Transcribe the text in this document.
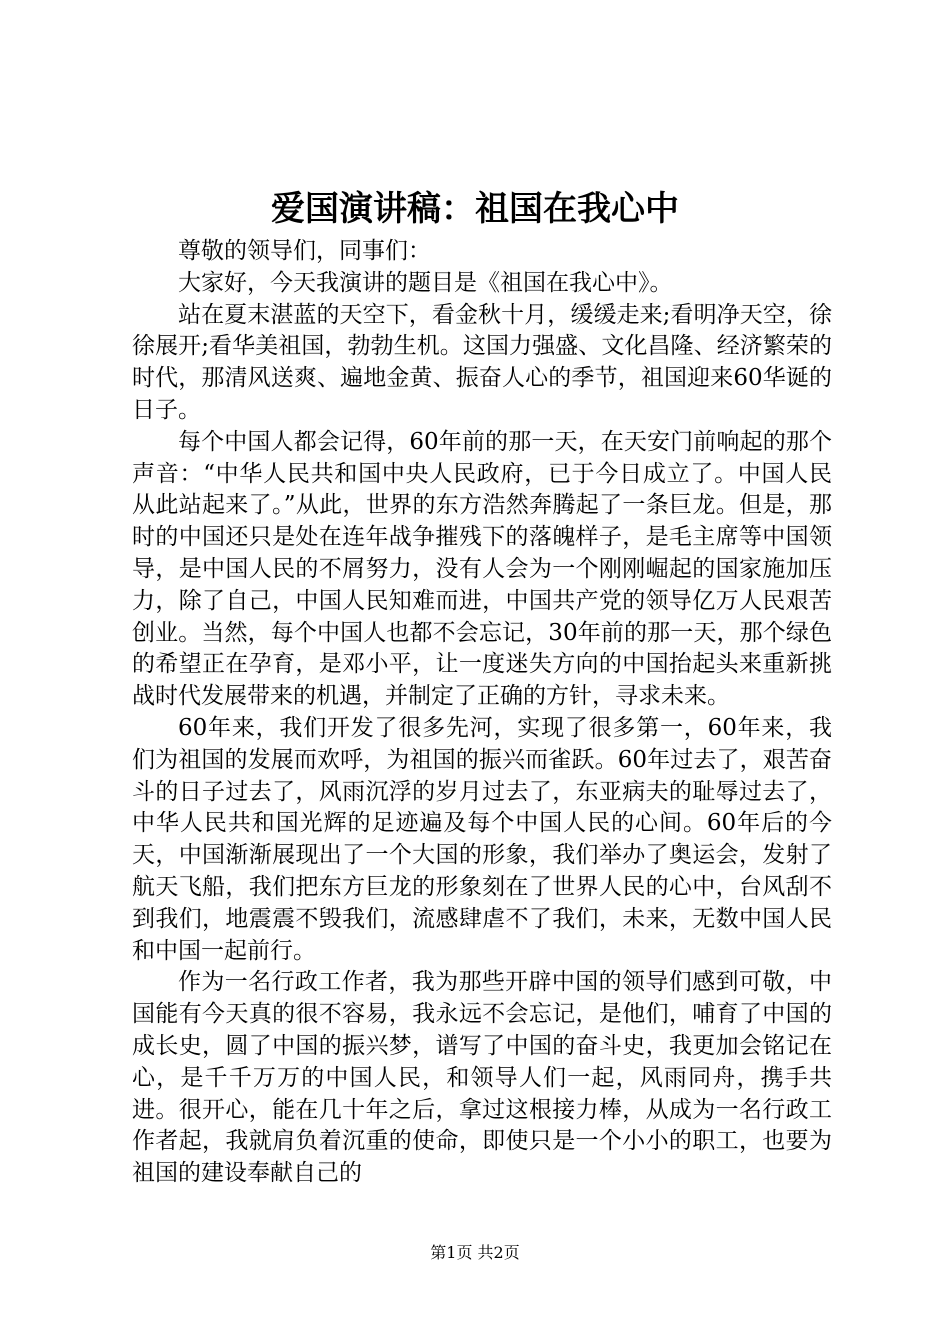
爱国演讲稿：祖国在我心中

尊敬的领导们，同事们：

大家好，今天我演讲的题目是《祖国在我心中》。

站在夏末湛蓝的天空下，看金秋十月，缓缓走来;看明净天空，徐徐展开;看华美祖国，勃勃生机。这国力强盛、文化昌隆、经济繁荣的时代，那清风送爽、遍地金黄、振奋人心的季节，祖国迎来60华诞的日子。

每个中国人都会记得，60年前的那一天，在天安门前响起的那个声音：“中华人民共和国中央人民政府，已于今日成立了。中国人民从此站起来了。”从此，世界的东方浩然奔腾起了一条巨龙。但是，那时的中国还只是处在连年战争摧残下的落魄样子，是毛主席等中国领导，是中国人民的不屑努力，没有人会为一个刚刚崛起的国家施加压力，除了自己，中国人民知难而进，中国共产党的领导亿万人民艰苦创业。当然，每个中国人也都不会忘记，30年前的那一天，那个绿色的希望正在孕育，是邓小平，让一度迷失方向的中国抬起头来重新挑战时代发展带来的机遇，并制定了正确的方针，寻求未来。

60年来，我们开发了很多先河，实现了很多第一，60年来，我们为祖国的发展而欢呼，为祖国的振兴而雀跃。60年过去了，艰苦奋斗的日子过去了，风雨沉浮的岁月过去了，东亚病夫的耻辱过去了，中华人民共和国光辉的足迹遍及每个中国人民的心间。60年后的今天，中国渐渐展现出了一个大国的形象，我们举办了奥运会，发射了航天飞船，我们把东方巨龙的形象刻在了世界人民的心中，台风刮不到我们，地震震不毁我们，流感肆虐不了我们，未来，无数中国人民和中国一起前行。

作为一名行政工作者，我为那些开辟中国的领导们感到可敬，中国能有今天真的很不容易，我永远不会忘记，是他们，哺育了中国的成长史，圆了中国的振兴梦，谱写了中国的奋斗史，我更加会铭记在心，是千千万万的中国人民，和领导人们一起，风雨同舟，携手共进。很开心，能在几十年之后，拿过这根接力棒，从成为一名行政工作者起，我就肩负着沉重的使命，即使只是一个小小的职工，也要为祖国的建设奉献自己的

第1页 共2页
